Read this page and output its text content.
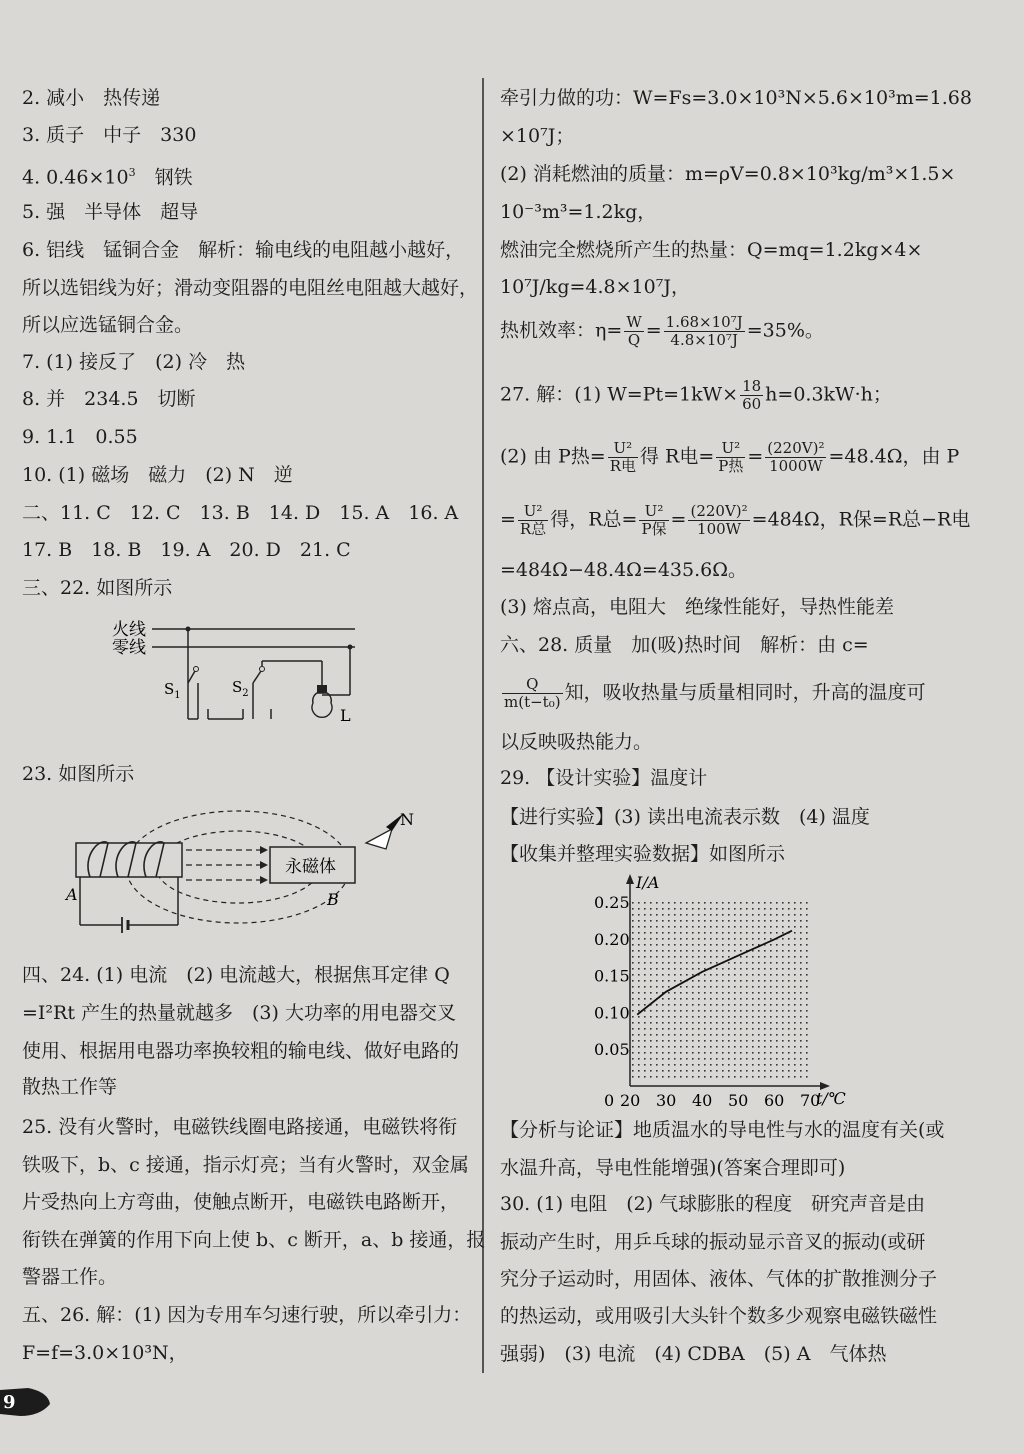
2. 减小　热传递
3. 质子　中子　330
4. $0.46\times 10^3$　钢铁
5. 强　半导体　超导
6. 铝线　锰铜合金　解析：输电线的电阻越小越好，
所以选铝线为好；滑动变阻器的电阻丝电阻越大越好，
所以应选锰铜合金。
7. (1) 接反了　(2) 冷　热
8. 并　234.5　切断
9. 1.1　0.55
10. (1) 磁场　磁力　(2) N　逆
二、11. C　12. C　13. B　14. D　15. A　16. A
17. B　18. B　19. A　20. D　21. C
三、22. 如图所示
火线
零线
$S_1$	$S_2$
L
23. 如图所示
永磁体
B
A
N
四、24. (1) 电流　(2) 电流越大，根据焦耳定律 Q
=I²Rt 产生的热量就越多　(3) 大功率的用电器交叉
使用、根据用电器功率换较粗的输电线、做好电路的
散热工作等
25. 没有火警时，电磁铁线圈电路接通，电磁铁将衔
铁吸下，b、c 接通，指示灯亮；当有火警时，双金属
片受热向上方弯曲，使触点断开，电磁铁电路断开，
衔铁在弹簧的作用下向上使 b、c 断开，a、b 接通，报
警器工作。
五、26. 解：(1) 因为专用车匀速行驶，所以牵引力：
F=f=3.0×10³N，
9
牵引力做的功：W=Fs=3.0×10³N×5.6×10³m=1.68
×10⁷J；
(2) 消耗燃油的质量：m=ρV=0.8×10³kg/m³×1.5×
10⁻³m³=1.2kg，
燃油完全燃烧所产生的热量：Q=mq=1.2kg×4×
10⁷J/kg=4.8×10⁷J，
热机效率：$\eta= \frac{W}{Q} = \frac{\text{1.68×10⁷J}}{\text{4.8×10⁷J}} =35\%$。
27. 解：(1) $W=Pt=1kW\times \frac{18}{60} h=0.3kW\cdot h$；
(2) 由 P热= $\frac{\text{U²}}{\text{R电}}$ 得 R电= $\frac{\text{U²}}{\text{P热}} = \frac{\text{(220V)²}}{1000W} =48.4\Omega$，由 P
= $\frac{\text{U²}}{\text{R总}}$ 得，R总= $\frac{\text{U²}}{\text{P保}} = \frac{\text{(220V)²}}{100W} =484\Omega$，R保=R总−R电
=484Ω−48.4Ω=435.6Ω。
(3) 熔点高，电阻大　绝缘性能好，导热性能差
六、28. 质量　加(吸)热时间　解析：由 c=
$\frac{Q}{\text{m(t−t₀)}}$ 知，吸收热量与质量相同时，升高的温度可
以反映吸热能力。
29. 【设计实验】温度计
【进行实验】(3) 读出电流表示数　(4) 温度
【收集并整理实验数据】如图所示
0.25
0.20
0.15
0.10
0.05
0 20 30 40 50 60 70
I/A
t/℃
【分析与论证】地质温水的导电性与水的温度有关(或
水温升高，导电性能增强)(答案合理即可)
30. (1) 电阻　(2) 气球膨胀的程度　研究声音是由
振动产生时，用乒乓球的振动显示音叉的振动(或研
究分子运动时，用固体、液体、气体的扩散推测分子
的热运动，或用吸引大头针个数多少观察电磁铁磁性
强弱)　(3) 电流　(4) CDBA　(5) A　气体热
